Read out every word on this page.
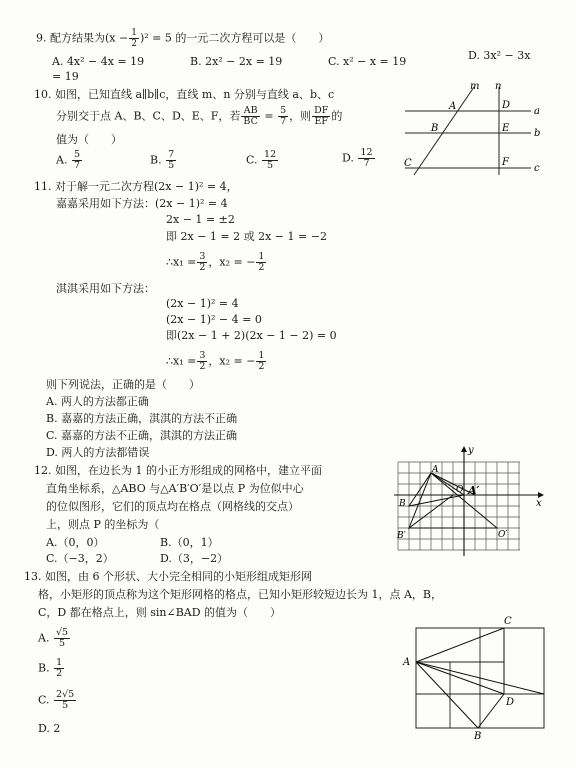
9. 配方结果为$(x - \frac{1}{2} )^2 = 5$ 的一元二次方程可以是（　　）
A. 4x² − 4x = 19
= 19
B. 2x² − 2x = 19	C. x² − x = 19	D. 3x² − 3x
10. 如图，已知直线 a∥b∥c，直线 m、n 分别与直线 a、b、c
分别交于点 A、B、C、D、E、F，若 $\frac{AB}{BC} = \frac{5}{7}$ ，则 $\frac{DF}{EF}$ 的
值为（　　）
A. $\frac{5}{7}$	B. $\frac{7}{5}$	C. $\frac{12}{5}$	D. $\frac{12}{7}$
m n
a
b
c
A
B
C
D
E
F
11. 对于解一元二次方程(2x − 1)² = 4，
嘉嘉采用如下方法：(2x − 1)² = 4
2x − 1 = ±2
即 2x − 1 = 2 或 2x − 1 = −2
∴x₁ = $\frac{3}{2}$ ，x₂ = − $\frac{1}{2}$
淇淇采用如下方法：
(2x − 1)² = 4
(2x − 1)² − 4 = 0
即(2x − 1 + 2)(2x − 1 − 2) = 0
∴x₁ = $\frac{3}{2}$ ，x₂ = − $\frac{1}{2}$
则下列说法，正确的是（　　）
A. 两人的方法都正确
B. 嘉嘉的方法正确，淇淇的方法不正确
C. 嘉嘉的方法不正确，淇淇的方法正确
D. 两人的方法都错误
12. 如图，在边长为 1 的小正方形组成的网格中，建立平面
直角坐标系，△ABO 与△A′B′O′是以点 P 为位似中心
的位似图形，它们的顶点均在格点（网格线的交点）
上，则点 P 的坐标为（
A.（0，0）	B.（0，1）
C.（−3，2）	D.（3，−2）
y
x
A
O A′
B
B′	O′
13. 如图，由 6 个形状、大小完全相同的小矩形组成矩形网
格，小矩形的顶点称为这个矩形网格的格点，已知小矩形较短边长为 1，点 A，B，
C，D 都在格点上，则 sin∠BAD 的值为（　　）
A. $\frac{√5}{5}$
B. $\frac{1}{2}$
C. $\frac{2√5}{5}$
D. 2
A
B
C
D
